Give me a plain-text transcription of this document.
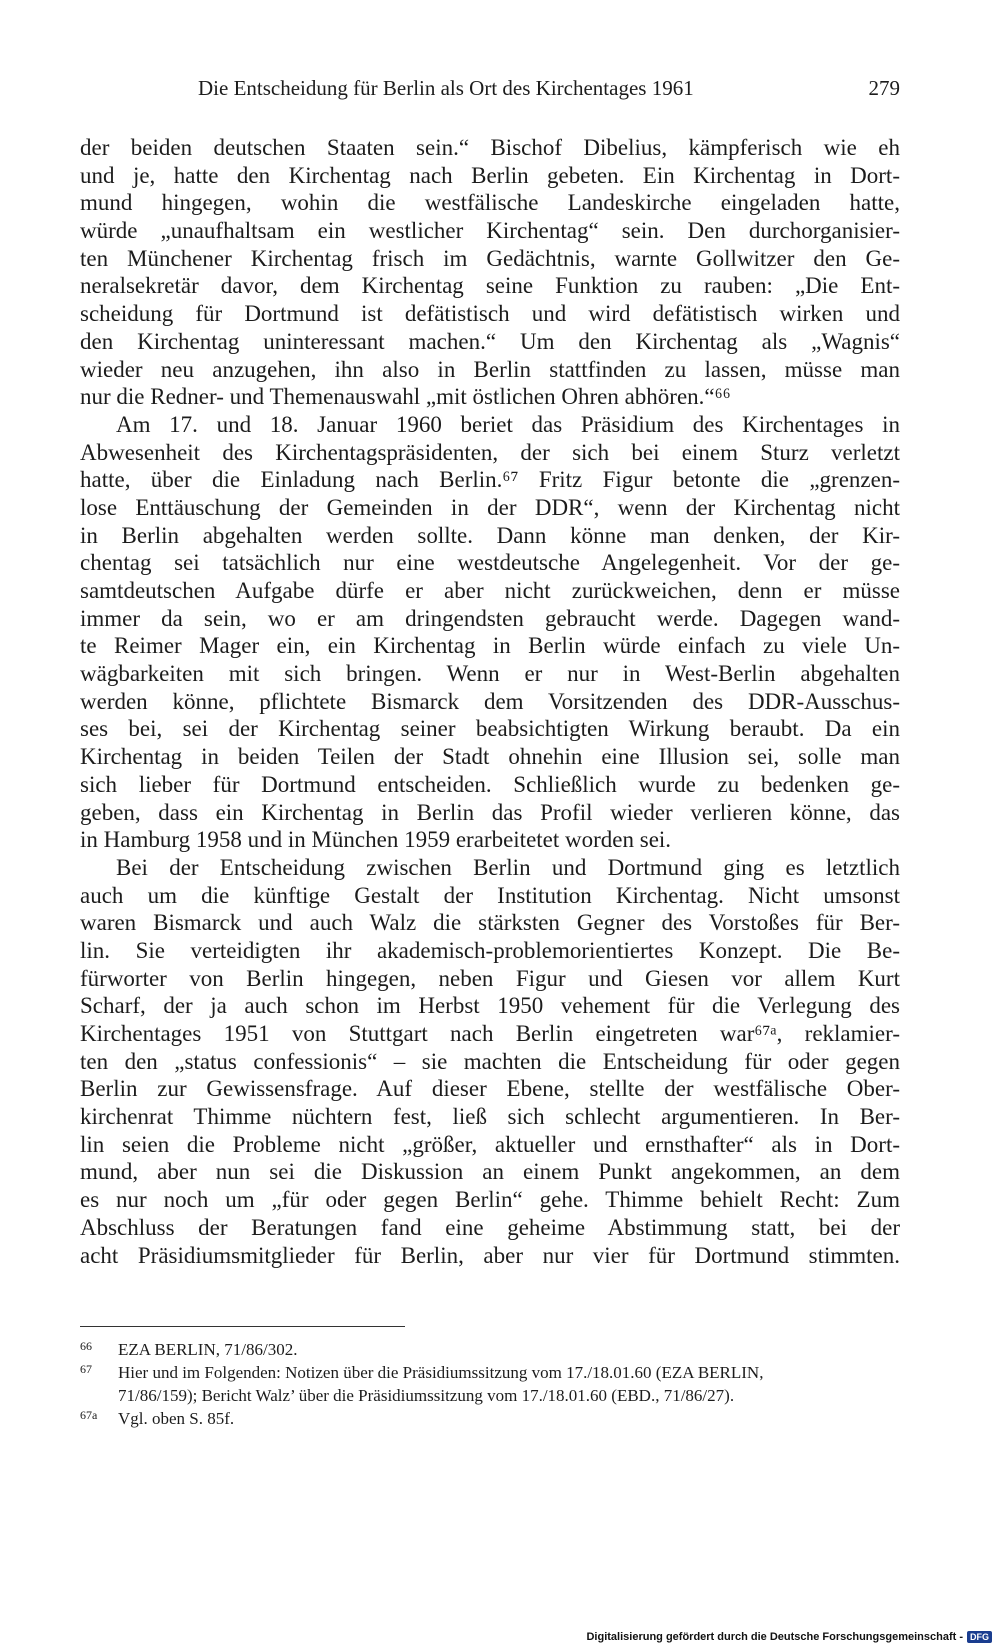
Die Entscheidung für Berlin als Ort des Kirchentages 1961	279
der beiden deutschen Staaten sein.“ Bischof Dibelius, kämpferisch wie eh
und je, hatte den Kirchentag nach Berlin gebeten. Ein Kirchentag in Dort-
mund hingegen, wohin die westfälische Landeskirche eingeladen hatte,
würde „unaufhaltsam ein westlicher Kirchentag“ sein. Den durchorganisier-
ten Münchener Kirchentag frisch im Gedächtnis, warnte Gollwitzer den Ge-
neralsekretär davor, dem Kirchentag seine Funktion zu rauben: „Die Ent-
scheidung für Dortmund ist defätistisch und wird defätistisch wirken und
den Kirchentag uninteressant machen.“ Um den Kirchentag als „Wagnis“
wieder neu anzugehen, ihn also in Berlin stattfinden zu lassen, müsse man
nur die Redner- und Themenauswahl „mit östlichen Ohren abhören.“⁶⁶
Am 17. und 18. Januar 1960 beriet das Präsidium des Kirchentages in
Abwesenheit des Kirchentagspräsidenten, der sich bei einem Sturz verletzt
hatte, über die Einladung nach Berlin.⁶⁷ Fritz Figur betonte die „grenzen-
lose Enttäuschung der Gemeinden in der DDR“, wenn der Kirchentag nicht
in Berlin abgehalten werden sollte. Dann könne man denken, der Kir-
chentag sei tatsächlich nur eine westdeutsche Angelegenheit. Vor der ge-
samtdeutschen Aufgabe dürfe er aber nicht zurückweichen, denn er müsse
immer da sein, wo er am dringendsten gebraucht werde. Dagegen wand-
te Reimer Mager ein, ein Kirchentag in Berlin würde einfach zu viele Un-
wägbarkeiten mit sich bringen. Wenn er nur in West-Berlin abgehalten
werden könne, pflichtete Bismarck dem Vorsitzenden des DDR-Ausschus-
ses bei, sei der Kirchentag seiner beabsichtigten Wirkung beraubt. Da ein
Kirchentag in beiden Teilen der Stadt ohnehin eine Illusion sei, solle man
sich lieber für Dortmund entscheiden. Schließlich wurde zu bedenken ge-
geben, dass ein Kirchentag in Berlin das Profil wieder verlieren könne, das
in Hamburg 1958 und in München 1959 erarbeitetet worden sei.
Bei der Entscheidung zwischen Berlin und Dortmund ging es letztlich
auch um die künftige Gestalt der Institution Kirchentag. Nicht umsonst
waren Bismarck und auch Walz die stärksten Gegner des Vorstoßes für Ber-
lin. Sie verteidigten ihr akademisch-problemorientiertes Konzept. Die Be-
fürworter von Berlin hingegen, neben Figur und Giesen vor allem Kurt
Scharf, der ja auch schon im Herbst 1950 vehement für die Verlegung des
Kirchentages 1951 von Stuttgart nach Berlin eingetreten war⁶⁷ᵃ, reklamier-
ten den „status confessionis“ – sie machten die Entscheidung für oder gegen
Berlin zur Gewissensfrage. Auf dieser Ebene, stellte der westfälische Ober-
kirchenrat Thimme nüchtern fest, ließ sich schlecht argumentieren. In Ber-
lin seien die Probleme nicht „größer, aktueller und ernsthafter“ als in Dort-
mund, aber nun sei die Diskussion an einem Punkt angekommen, an dem
es nur noch um „für oder gegen Berlin“ gehe. Thimme behielt Recht: Zum
Abschluss der Beratungen fand eine geheime Abstimmung statt, bei der
acht Präsidiumsmitglieder für Berlin, aber nur vier für Dortmund stimmten.
66	EZA BERLIN, 71/86/302.
67	Hier und im Folgenden: Notizen über die Präsidiumssitzung vom 17./18.01.60 (EZA BERLIN,
71/86/159); Bericht Walz’ über die Präsidiumssitzung vom 17./18.01.60 (EBD., 71/86/27).
67a	Vgl. oben S. 85f.
Digitalisierung gefördert durch die Deutsche Forschungsgemeinschaft - DFG
